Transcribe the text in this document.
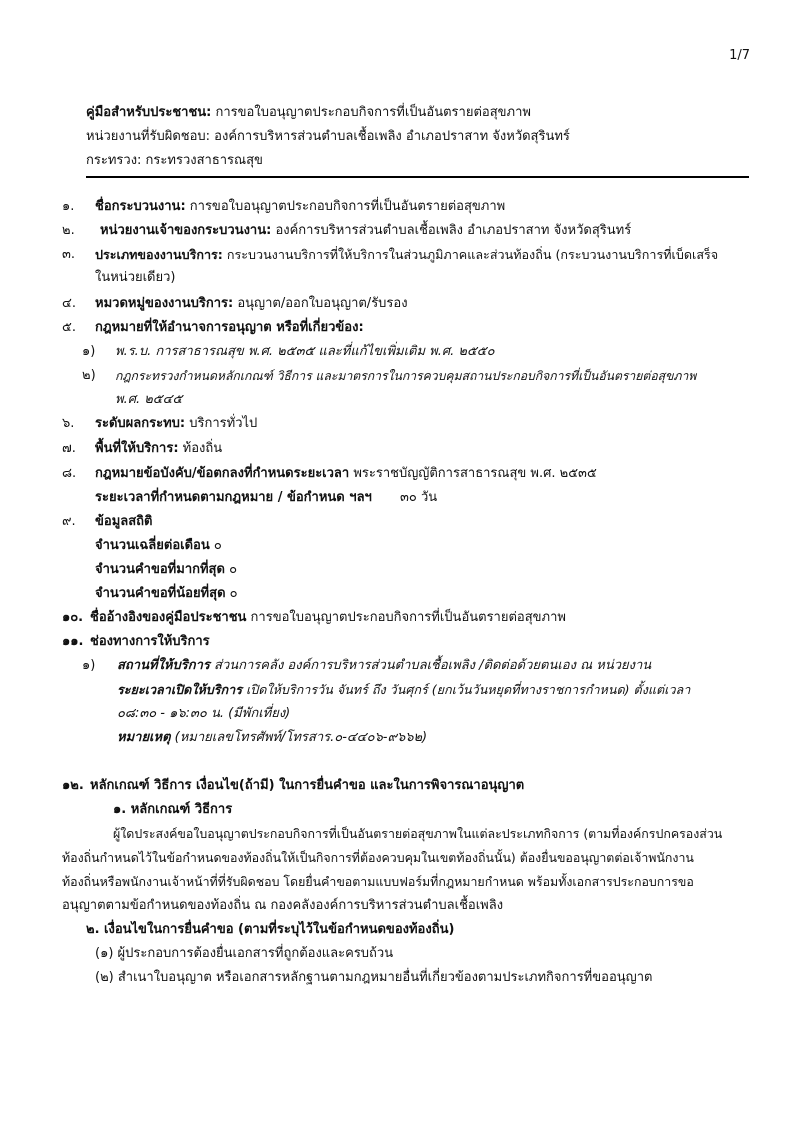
1/7
คู่มือสำหรับประชาชน: การขอใบอนุญาตประกอบกิจการที่เป็นอันตรายต่อสุขภาพ
หน่วยงานที่รับผิดชอบ: องค์การบริหารส่วนตำบลเชื้อเพลิง อำเภอปราสาท จังหวัดสุรินทร์
กระทรวง: กระทรวงสาธารณสุข
๑. ชื่อกระบวนงาน: การขอใบอนุญาตประกอบกิจการที่เป็นอันตรายต่อสุขภาพ
๒. หน่วยงานเจ้าของกระบวนงาน: องค์การบริหารส่วนตำบลเชื้อเพลิง อำเภอปราสาท จังหวัดสุรินทร์
๓. ประเภทของงานบริการ: กระบวนงานบริการที่ให้บริการในส่วนภูมิภาคและส่วนท้องถิ่น (กระบวนงานบริการที่เบ็ดเสร็จ
ในหน่วยเดียว)
๔. หมวดหมู่ของงานบริการ: อนุญาต/ออกใบอนุญาต/รับรอง
๕. กฎหมายที่ให้อำนาจการอนุญาต หรือที่เกี่ยวข้อง:
๑) พ.ร.บ. การสาธารณสุข พ.ศ. ๒๕๓๕ และที่แก้ไขเพิ่มเติม พ.ศ. ๒๕๕๐
๒) กฎกระทรวงกำหนดหลักเกณฑ์ วิธีการ และมาตรการในการควบคุมสถานประกอบกิจการที่เป็นอันตรายต่อสุขภาพ
พ.ศ. ๒๕๔๕
๖. ระดับผลกระทบ: บริการทั่วไป
๗. พื้นที่ให้บริการ: ท้องถิ่น
๘. กฎหมายข้อบังคับ/ข้อตกลงที่กำหนดระยะเวลา พระราชบัญญัติการสาธารณสุข พ.ศ. ๒๕๓๕
ระยะเวลาที่กำหนดตามกฎหมาย / ข้อกำหนด ฯลฯ ๓๐ วัน
๙. ข้อมูลสถิติ
จำนวนเฉลี่ยต่อเดือน ๐
จำนวนคำขอที่มากที่สุด ๐
จำนวนคำขอที่น้อยที่สุด ๐
๑๐. ชื่ออ้างอิงของคู่มือประชาชน การขอใบอนุญาตประกอบกิจการที่เป็นอันตรายต่อสุขภาพ
๑๑. ช่องทางการให้บริการ
๑) สถานที่ให้บริการ ส่วนการคลัง องค์การบริหารส่วนตำบลเชื้อเพลิง /ติดต่อด้วยตนเอง ณ หน่วยงาน
ระยะเวลาเปิดให้บริการ เปิดให้บริการวัน จันทร์ ถึง วันศุกร์ (ยกเว้นวันหยุดที่ทางราชการกำหนด) ตั้งแต่เวลา
๐๘:๓๐ - ๑๖:๓๐ น. (มีพักเที่ยง)
หมายเหตุ (หมายเลขโทรศัพท์/โทรสาร.๐-๔๔๐๖-๙๖๖๒)
๑๒. หลักเกณฑ์ วิธีการ เงื่อนไข(ถ้ามี) ในการยื่นคำขอ และในการพิจารณาอนุญาต
๑. หลักเกณฑ์ วิธีการ
ผู้ใดประสงค์ขอใบอนุญาตประกอบกิจการที่เป็นอันตรายต่อสุขภาพในแต่ละประเภทกิจการ (ตามที่องค์กรปกครองส่วน
ท้องถิ่นกำหนดไว้ในข้อกำหนดของท้องถิ่นให้เป็นกิจการที่ต้องควบคุมในเขตท้องถิ่นนั้น) ต้องยื่นขออนุญาตต่อเจ้าพนักงาน
ท้องถิ่นหรือพนักงานเจ้าหน้าที่ที่รับผิดชอบ โดยยื่นคำขอตามแบบฟอร์มที่กฎหมายกำหนด พร้อมทั้งเอกสารประกอบการขอ
อนุญาตตามข้อกำหนดของท้องถิ่น ณ กองคลังองค์การบริหารส่วนตำบลเชื้อเพลิง
๒. เงื่อนไขในการยื่นคำขอ (ตามที่ระบุไว้ในข้อกำหนดของท้องถิ่น)
(๑) ผู้ประกอบการต้องยื่นเอกสารที่ถูกต้องและครบถ้วน
(๒) สำเนาใบอนุญาต หรือเอกสารหลักฐานตามกฎหมายอื่นที่เกี่ยวข้องตามประเภทกิจการที่ขออนุญาต
